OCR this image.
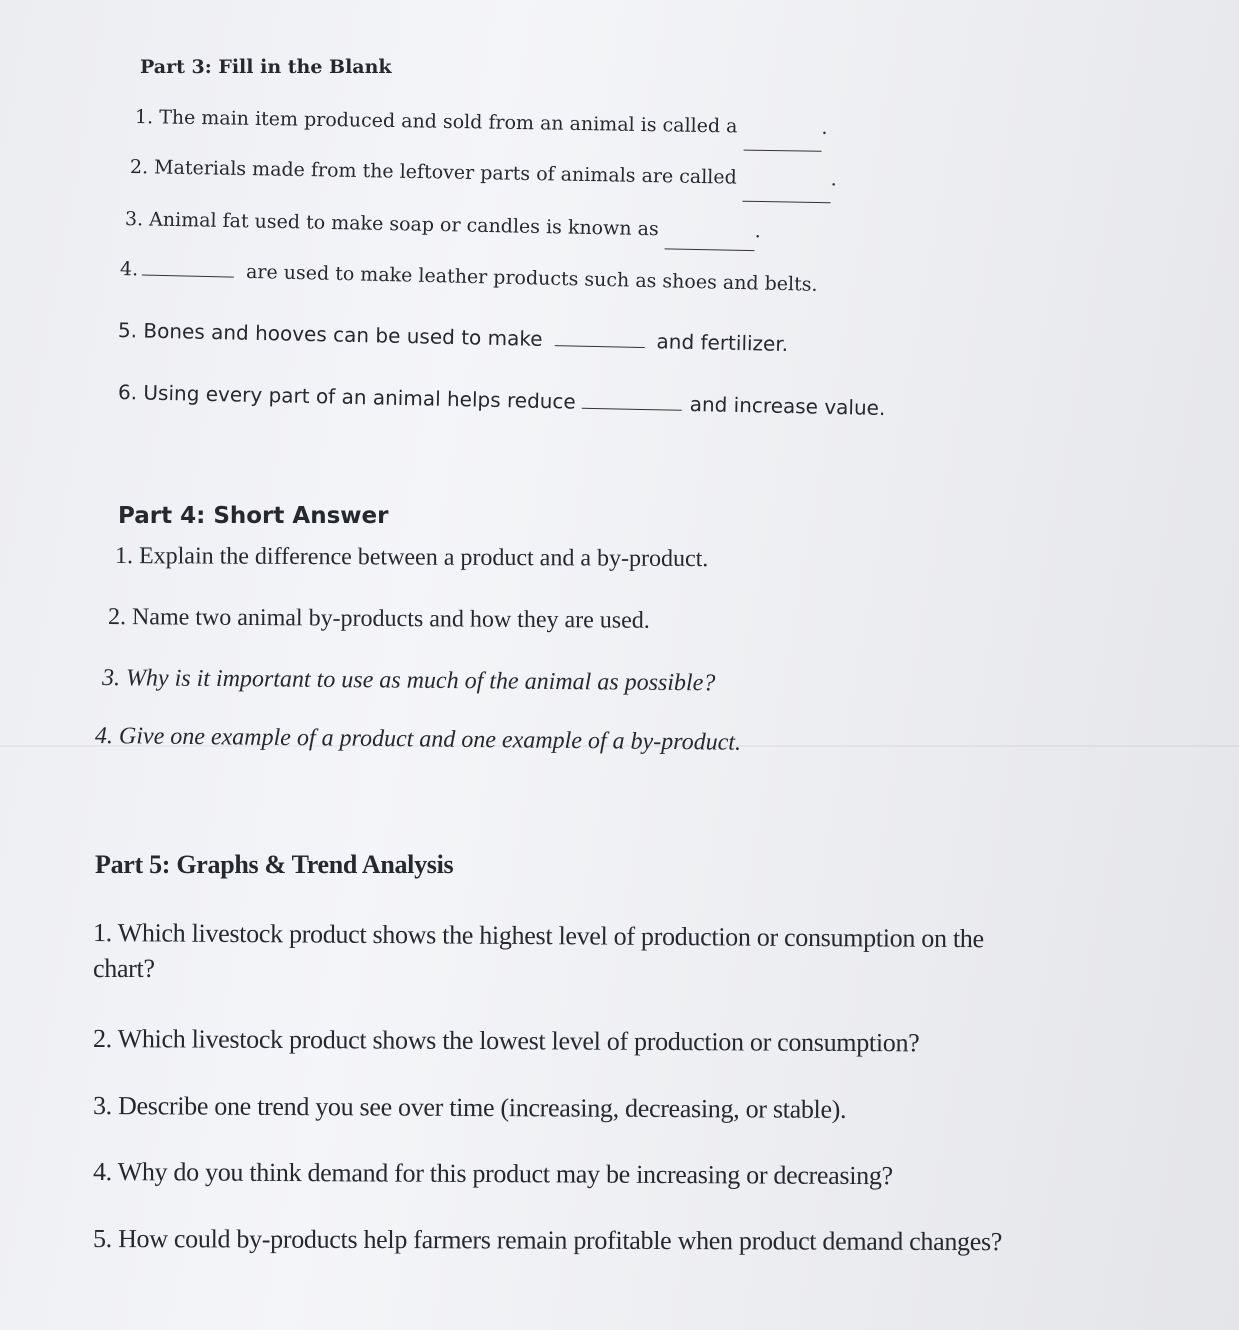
Part 3: Fill in the Blank
1. The main item produced and sold from an animal is called a	.
2. Materials made from the leftover parts of animals are called	.
3. Animal fat used to make soap or candles is known as	.
4.	are used to make leather products such as shoes and belts.
5. Bones and hooves can be used to make	and fertilizer.
6. Using every part of an animal helps reduce	and increase value.
Part 4: Short Answer
1. Explain the difference between a product and a by-product.
2. Name two animal by-products and how they are used.
3. Why is it important to use as much of the animal as possible?
4. Give one example of a product and one example of a by-product.
Part 5: Graphs & Trend Analysis
1. Which livestock product shows the highest level of production or consumption on the
chart?
2. Which livestock product shows the lowest level of production or consumption?
3. Describe one trend you see over time (increasing, decreasing, or stable).
4. Why do you think demand for this product may be increasing or decreasing?
5. How could by-products help farmers remain profitable when product demand changes?
